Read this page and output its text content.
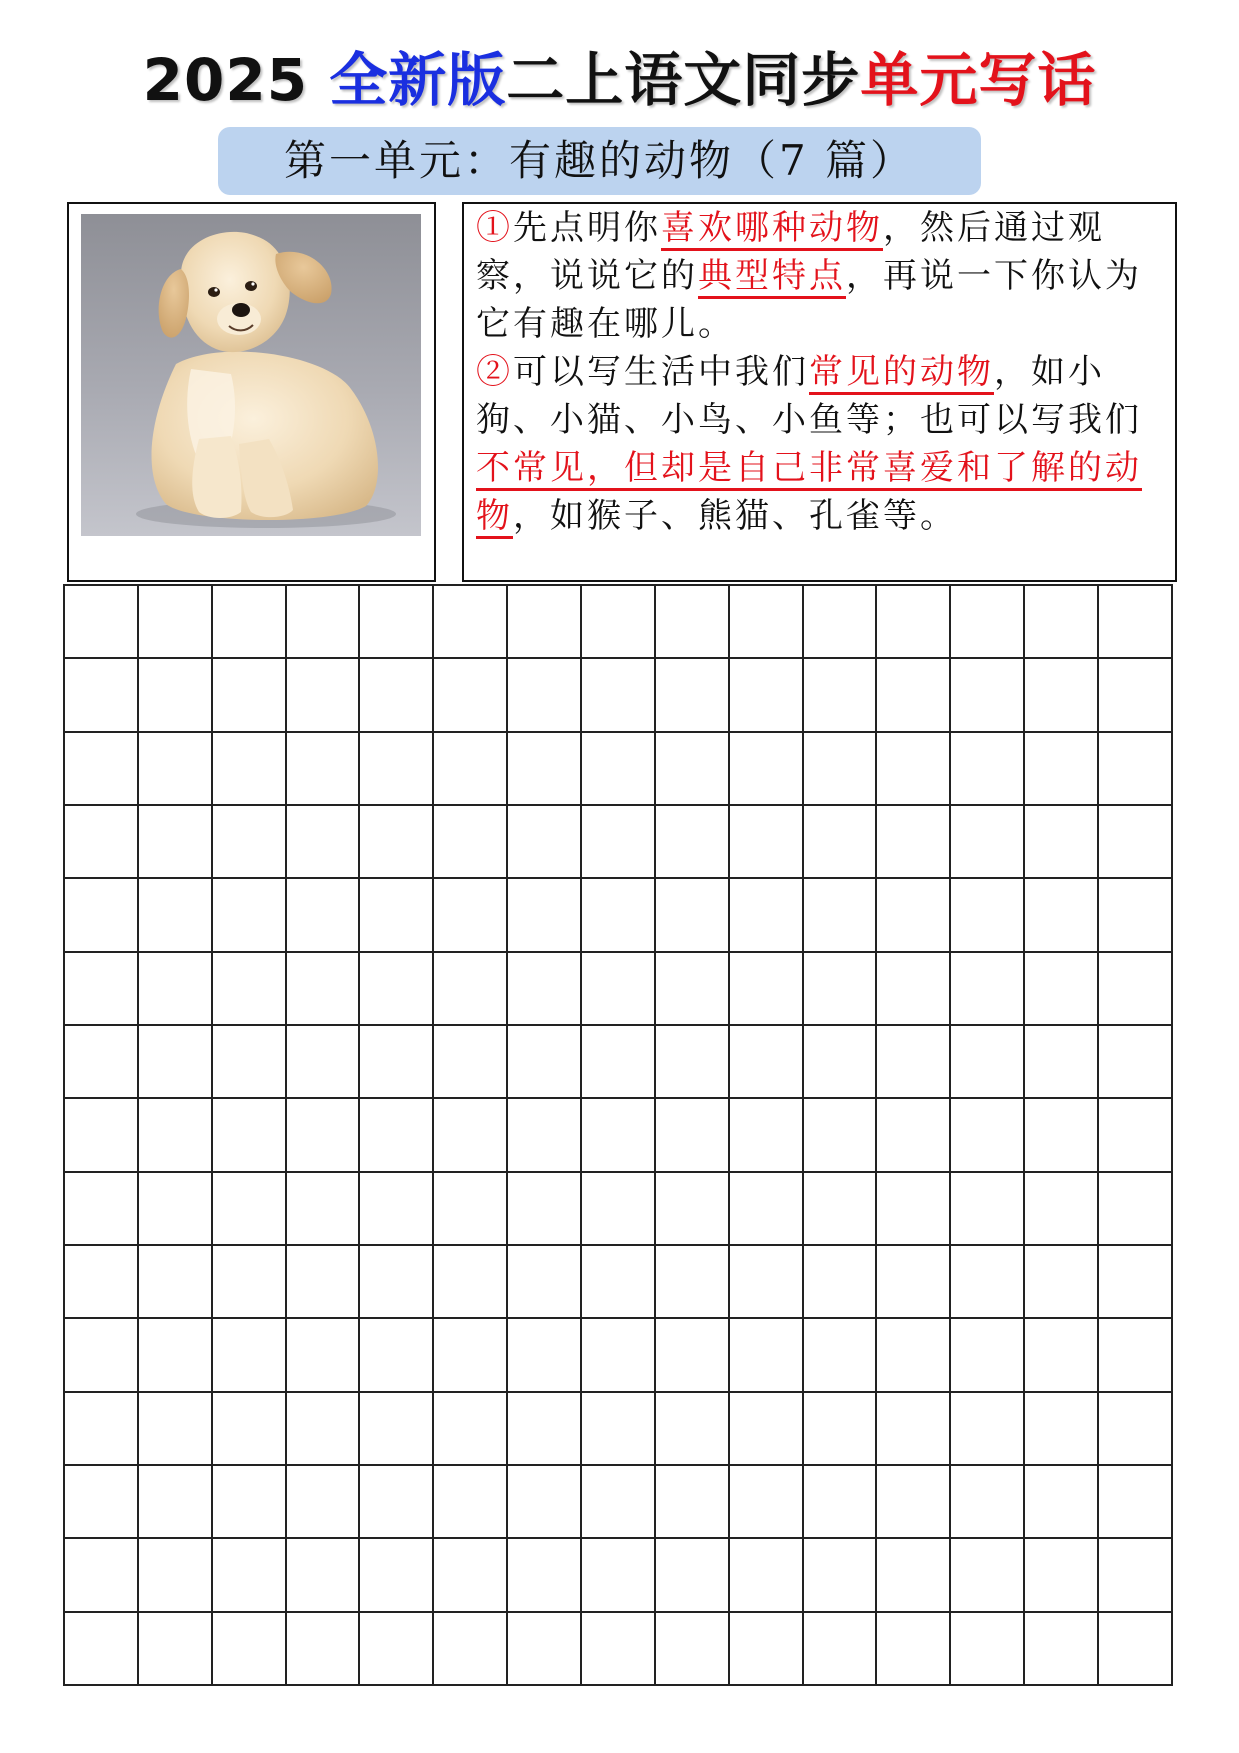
2025 全新版二上语文同步单元写话
第一单元：有趣的动物（7 篇）

①先点明你喜欢哪种动物，然后通过观察，说说它的典型特点，再说一下你认为它有趣在哪儿。

②可以写生活中我们常见的动物，如小狗、小猫、小鸟、小鱼等；也可以写我们不常见，但却是自己非常喜爱和了解的动物，如猴子、熊猫、孔雀等。
